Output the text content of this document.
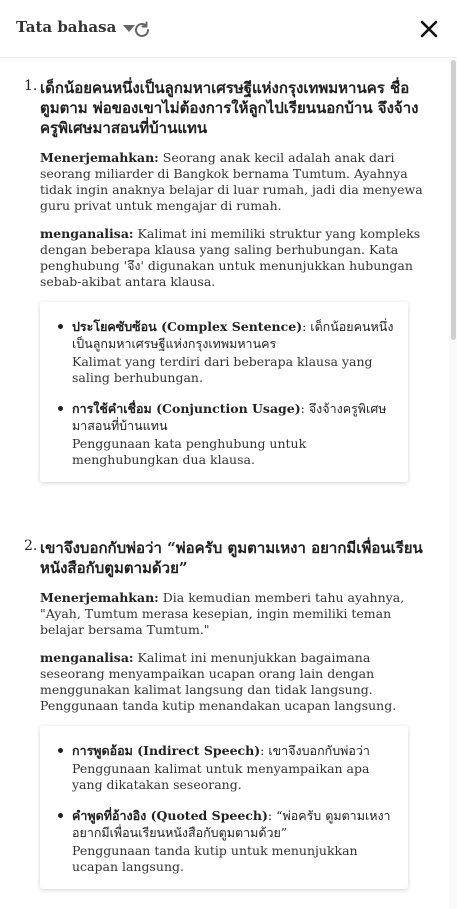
Tata bahasa
1. เด็กน้อยคนหนึ่งเป็นลูกมหาเศรษฐีแห่งกรุงเทพมหานคร ชื่อ ตูมตาม พ่อของเขาไม่ต้องการให้ลูกไปเรียนนอกบ้าน จึงจ้างครูพิเศษมาสอนที่บ้านแทน
Menerjemahkan: Seorang anak kecil adalah anak dari seorang miliarder di Bangkok bernama Tumtum. Ayahnya tidak ingin anaknya belajar di luar rumah, jadi dia menyewa guru privat untuk mengajar di rumah.
menganalisa: Kalimat ini memiliki struktur yang kompleks dengan beberapa klausa yang saling berhubungan. Kata penghubung 'จึง' digunakan untuk menunjukkan hubungan sebab-akibat antara klausa.
ประโยคซับซ้อน (Complex Sentence): เด็กน้อยคนหนึ่งเป็นลูกมหาเศรษฐีแห่งกรุงเทพมหานคร
Kalimat yang terdiri dari beberapa klausa yang saling berhubungan.
การใช้คำเชื่อม (Conjunction Usage): จึงจ้างครูพิเศษมาสอนที่บ้านแทน
Penggunaan kata penghubung untuk menghubungkan dua klausa.
2. เขาจึงบอกกับพ่อว่า “พ่อครับ ตูมตามเหงา อยากมีเพื่อนเรียนหนังสือกับตูมตามด้วย”
Menerjemahkan: Dia kemudian memberi tahu ayahnya, "Ayah, Tumtum merasa kesepian, ingin memiliki teman belajar bersama Tumtum."
menganalisa: Kalimat ini menunjukkan bagaimana seseorang menyampaikan ucapan orang lain dengan menggunakan kalimat langsung dan tidak langsung. Penggunaan tanda kutip menandakan ucapan langsung.
การพูดอ้อม (Indirect Speech): เขาจึงบอกกับพ่อว่า
Penggunaan kalimat untuk menyampaikan apa yang dikatakan seseorang.
คำพูดที่อ้างอิง (Quoted Speech): “พ่อครับ ตูมตามเหงา อยากมีเพื่อนเรียนหนังสือกับตูมตามด้วย”
Penggunaan tanda kutip untuk menunjukkan ucapan langsung.
